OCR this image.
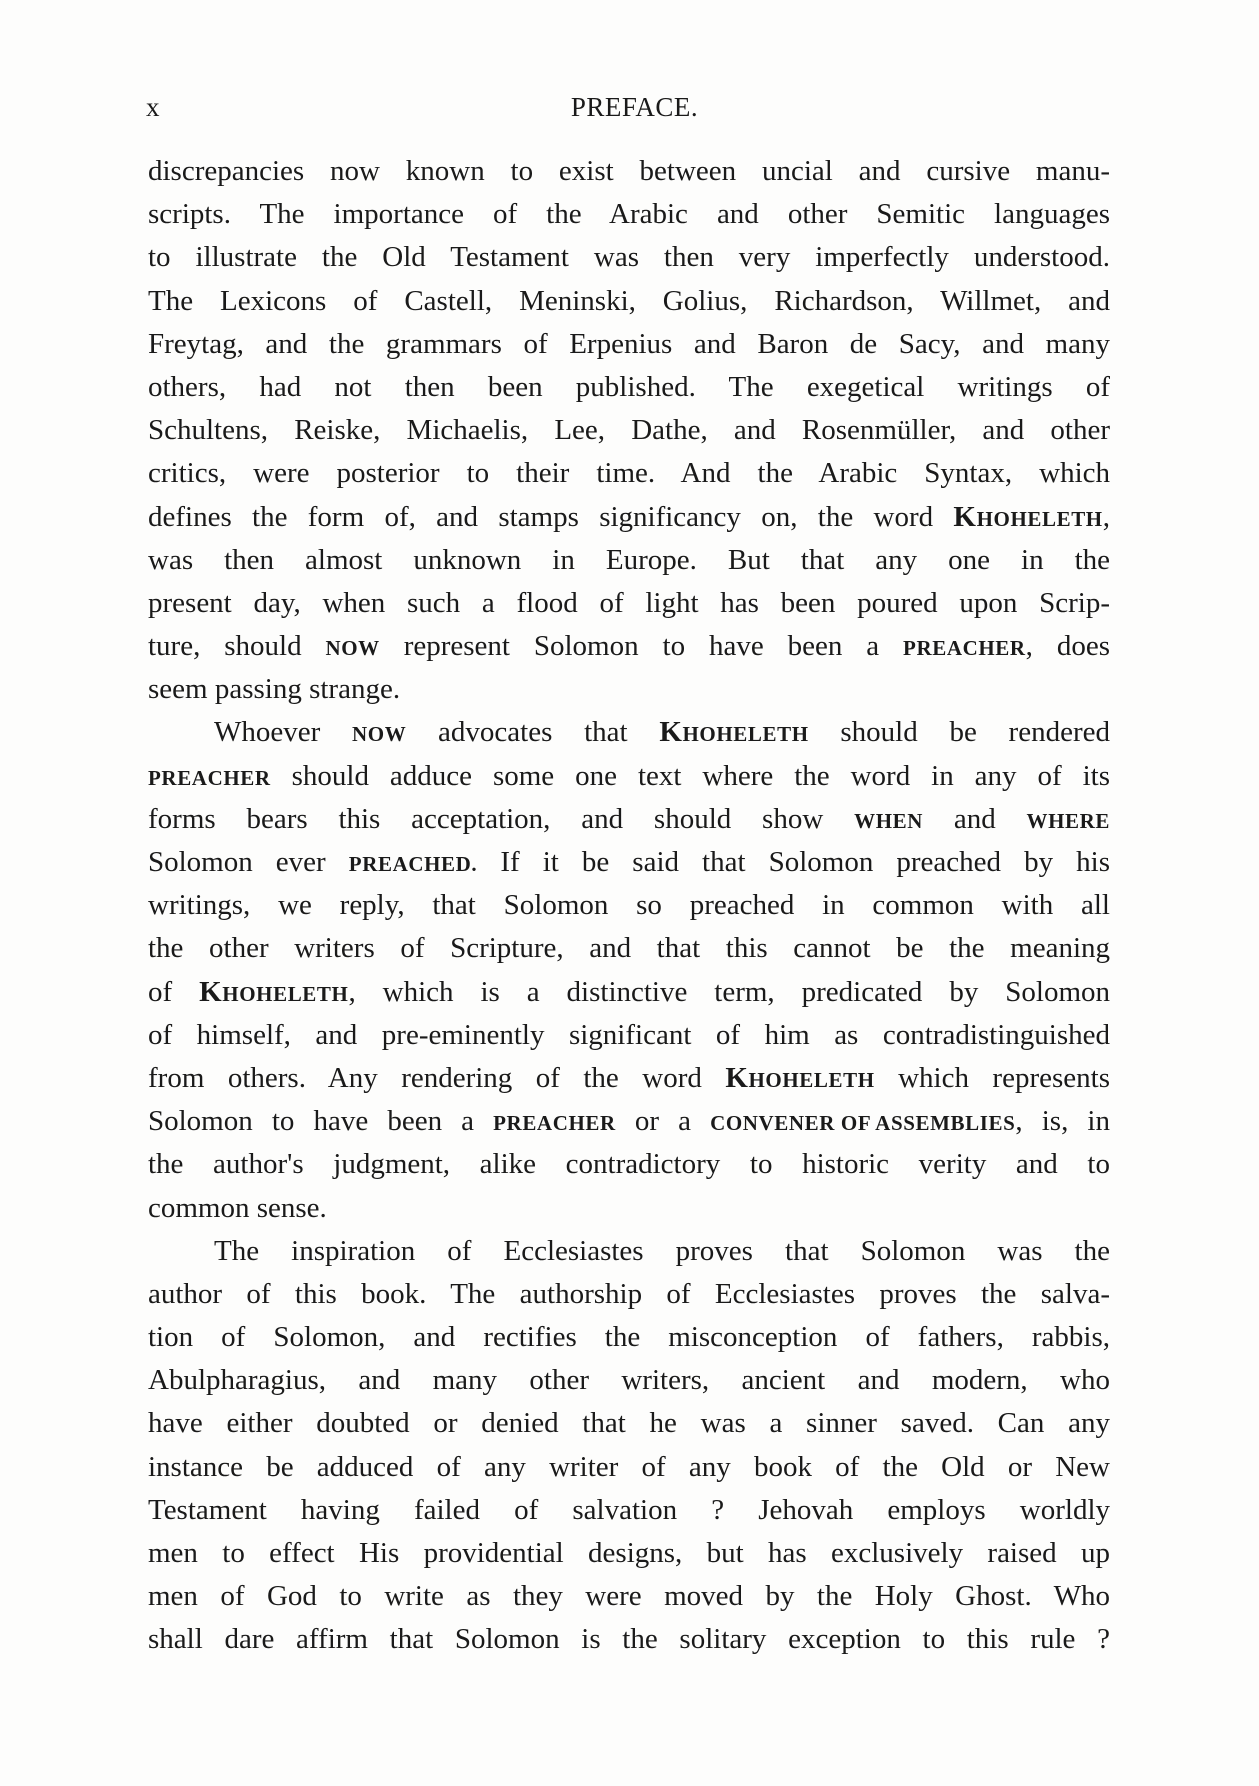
x	PREFACE.
discrepancies now known to exist between uncial and cursive manu-
scripts. The importance of the Arabic and other Semitic languages
to illustrate the Old Testament was then very imperfectly understood.
The Lexicons of Castell, Meninski, Golius, Richardson, Willmet, and
Freytag, and the grammars of Erpenius and Baron de Sacy, and many
others, had not then been published. The exegetical writings of
Schultens, Reiske, Michaelis, Lee, Dathe, and Rosenmüller, and other
critics, were posterior to their time. And the Arabic Syntax, which
defines the form of, and stamps significancy on, the word KHOHELETH,
was then almost unknown in Europe. But that any one in the
present day, when such a flood of light has been poured upon Scrip-
ture, should NOW represent Solomon to have been a PREACHER, does
seem passing strange.
Whoever NOW advocates that KHOHELETH should be rendered
PREACHER should adduce some one text where the word in any of its
forms bears this acceptation, and should show WHEN and WHERE
Solomon ever PREACHED. If it be said that Solomon preached by his
writings, we reply, that Solomon so preached in common with all
the other writers of Scripture, and that this cannot be the meaning
of KHOHELETH, which is a distinctive term, predicated by Solomon
of himself, and pre-eminently significant of him as contradistinguished
from others. Any rendering of the word KHOHELETH which represents
Solomon to have been a PREACHER or a CONVENER OF ASSEMBLIES, is, in
the author's judgment, alike contradictory to historic verity and to
common sense.
The inspiration of Ecclesiastes proves that Solomon was the
author of this book. The authorship of Ecclesiastes proves the salva-
tion of Solomon, and rectifies the misconception of fathers, rabbis,
Abulpharagius, and many other writers, ancient and modern, who
have either doubted or denied that he was a sinner saved. Can any
instance be adduced of any writer of any book of the Old or New
Testament having failed of salvation ? Jehovah employs worldly
men to effect His providential designs, but has exclusively raised up
men of God to write as they were moved by the Holy Ghost. Who
shall dare affirm that Solomon is the solitary exception to this rule ?
